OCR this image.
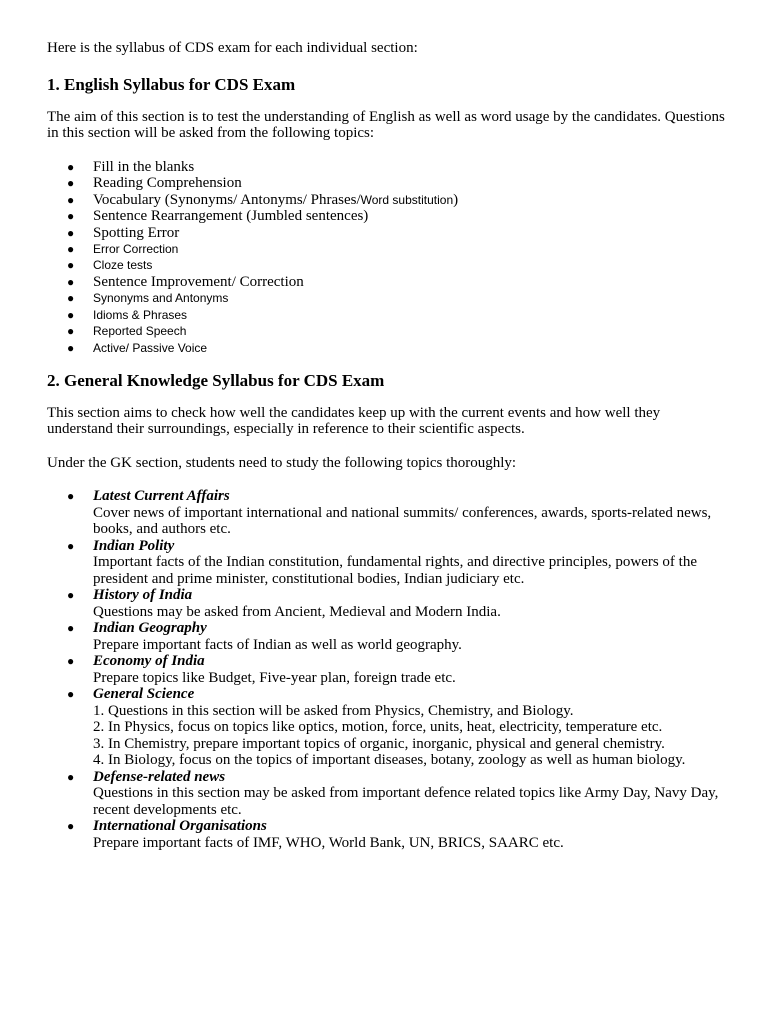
Here is the syllabus of CDS exam for each individual section:

1. English Syllabus for CDS Exam

The aim of this section is to test the understanding of English as well as word usage by the candidates. Questions in this section will be asked from the following topics:

● Fill in the blanks
● Reading Comprehension
● Vocabulary (Synonyms/ Antonyms/ Phrases/Word substitution)
● Sentence Rearrangement (Jumbled sentences)
● Spotting Error
● Error Correction
● Cloze tests
● Sentence Improvement/ Correction
● Synonyms and Antonyms
● Idioms & Phrases
● Reported Speech
● Active/ Passive Voice
2. General Knowledge Syllabus for CDS Exam

This section aims to check how well the candidates keep up with the current events and how well they understand their surroundings, especially in reference to their scientific aspects.

Under the GK section, students need to study the following topics thoroughly:

● Latest Current Affairs
Cover news of important international and national summits/ conferences, awards, sports-related news, books, and authors etc.
● Indian Polity
Important facts of the Indian constitution, fundamental rights, and directive principles, powers of the president and prime minister, constitutional bodies, Indian judiciary etc.
● History of India
Questions may be asked from Ancient, Medieval and Modern India.
● Indian Geography
Prepare important facts of Indian as well as world geography.
● Economy of India
Prepare topics like Budget, Five-year plan, foreign trade etc.
● General Science
1. Questions in this section will be asked from Physics, Chemistry, and Biology.
2. In Physics, focus on topics like optics, motion, force, units, heat, electricity, temperature etc.
3. In Chemistry, prepare important topics of organic, inorganic, physical and general chemistry.
4. In Biology, focus on the topics of important diseases, botany, zoology as well as human biology.
● Defense-related news
Questions in this section may be asked from important defence related topics like Army Day, Navy Day, recent developments etc.
● International Organisations
Prepare important facts of IMF, WHO, World Bank, UN, BRICS, SAARC etc.
